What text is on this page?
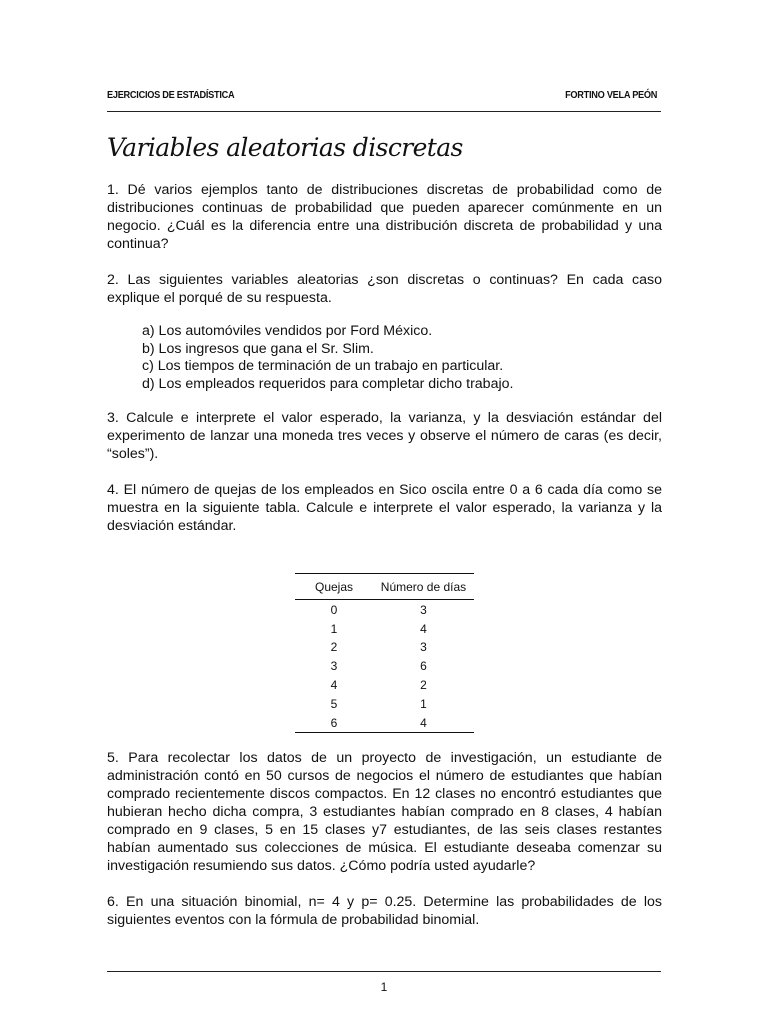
EJERCICIOS DE ESTADÍSTICA	FORTINO VELA PEÓN
Variables aleatorias discretas

1. Dé varios ejemplos tanto de distribuciones discretas de probabilidad como de distribuciones continuas de probabilidad que pueden aparecer comúnmente en un negocio. ¿Cuál es la diferencia entre una distribución discreta de probabilidad y una continua?

2. Las siguientes variables aleatorias ¿son discretas o continuas? En cada caso explique el porqué de su respuesta.

a) Los automóviles vendidos por Ford México.
b) Los ingresos que gana el Sr. Slim.
c) Los tiempos de terminación de un trabajo en particular.
d) Los empleados requeridos para completar dicho trabajo.

3. Calcule e interprete el valor esperado, la varianza, y la desviación estándar del experimento de lanzar una moneda tres veces y observe el número de caras (es decir, “soles”).

4. El número de quejas de los empleados en Sico oscila entre 0 a 6 cada día como se muestra en la siguiente tabla. Calcule e interprete el valor esperado, la varianza y la desviación estándar.

Quejas	Número de días
0	3
1	4
2	3
3	6
4	2
5	1
6	4

5. Para recolectar los datos de un proyecto de investigación, un estudiante de administración contó en 50 cursos de negocios el número de estudiantes que habían comprado recientemente discos compactos. En 12 clases no encontró estudiantes que hubieran hecho dicha compra, 3 estudiantes habían comprado en 8 clases, 4 habían comprado en 9 clases, 5 en 15 clases y7 estudiantes, de las seis clases restantes habían aumentado sus colecciones de música. El estudiante deseaba comenzar su investigación resumiendo sus datos. ¿Cómo podría usted ayudarle?

6. En una situación binomial, n= 4 y p= 0.25. Determine las probabilidades de los siguientes eventos con la fórmula de probabilidad binomial.

1
